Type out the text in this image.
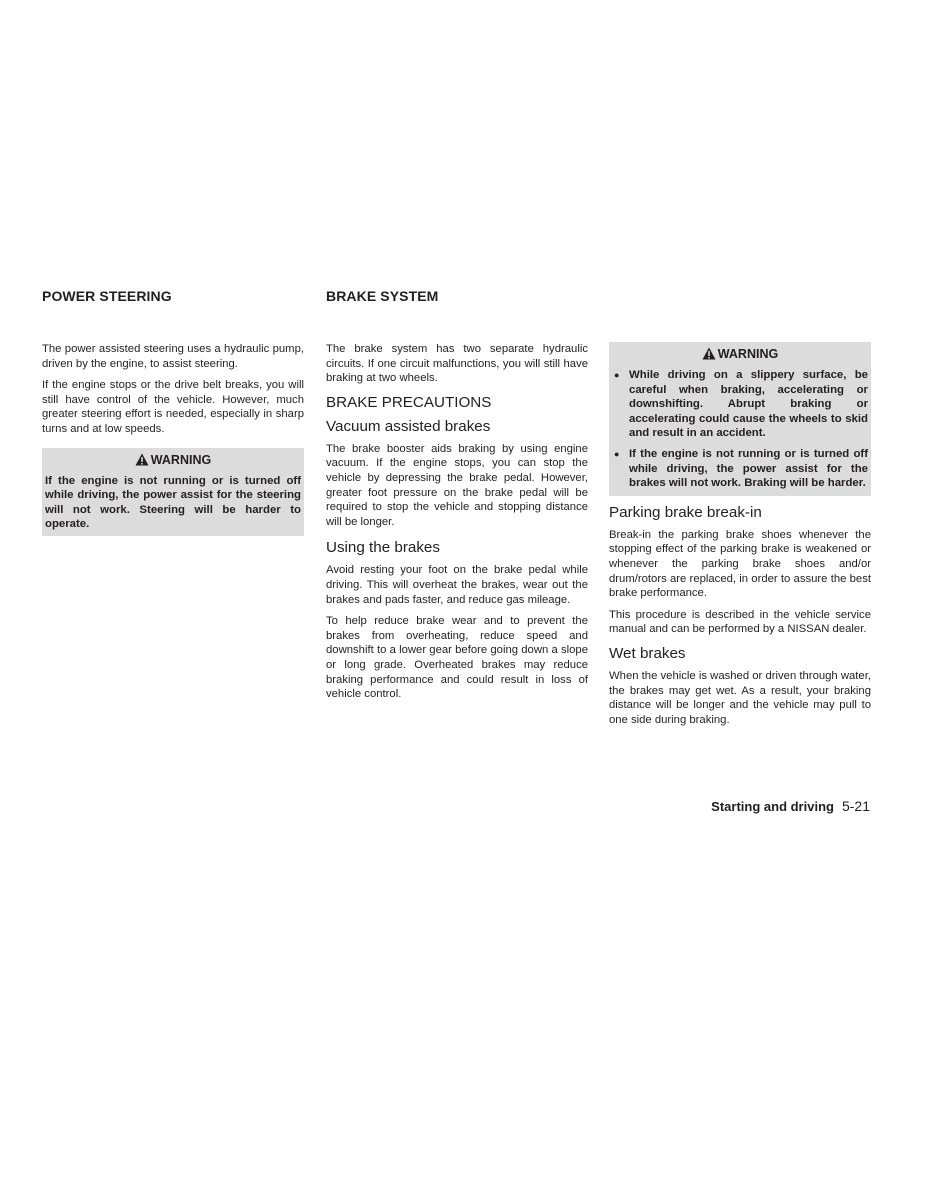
POWER STEERING

The power assisted steering uses a hydraulic pump, driven by the engine, to assist steering.

If the engine stops or the drive belt breaks, you will still have control of the vehicle. However, much greater steering effort is needed, especially in sharp turns and at low speeds.

WARNING
If the engine is not running or is turned off while driving, the power assist for the steering will not work. Steering will be harder to operate.
BRAKE SYSTEM

The brake system has two separate hydraulic circuits. If one circuit malfunctions, you will still have braking at two wheels.

BRAKE PRECAUTIONS
Vacuum assisted brakes

The brake booster aids braking by using engine vacuum. If the engine stops, you can stop the vehicle by depressing the brake pedal. However, greater foot pressure on the brake pedal will be required to stop the vehicle and stopping distance will be longer.

Using the brakes

Avoid resting your foot on the brake pedal while driving. This will overheat the brakes, wear out the brakes and pads faster, and reduce gas mileage.

To help reduce brake wear and to prevent the brakes from overheating, reduce speed and downshift to a lower gear before going down a slope or long grade. Overheated brakes may reduce braking performance and could result in loss of vehicle control.

WARNING
● While driving on a slippery surface, be careful when braking, accelerating or downshifting. Abrupt braking or accelerating could cause the wheels to skid and result in an accident.
● If the engine is not running or is turned off while driving, the power assist for the brakes will not work. Braking will be harder.
Parking brake break-in

Break-in the parking brake shoes whenever the stopping effect of the parking brake is weakened or whenever the parking brake shoes and/or drum/rotors are replaced, in order to assure the best brake performance.

This procedure is described in the vehicle service manual and can be performed by a NISSAN dealer.

Wet brakes

When the vehicle is washed or driven through water, the brakes may get wet. As a result, your braking distance will be longer and the vehicle may pull to one side during braking.

Starting and driving 5-21
